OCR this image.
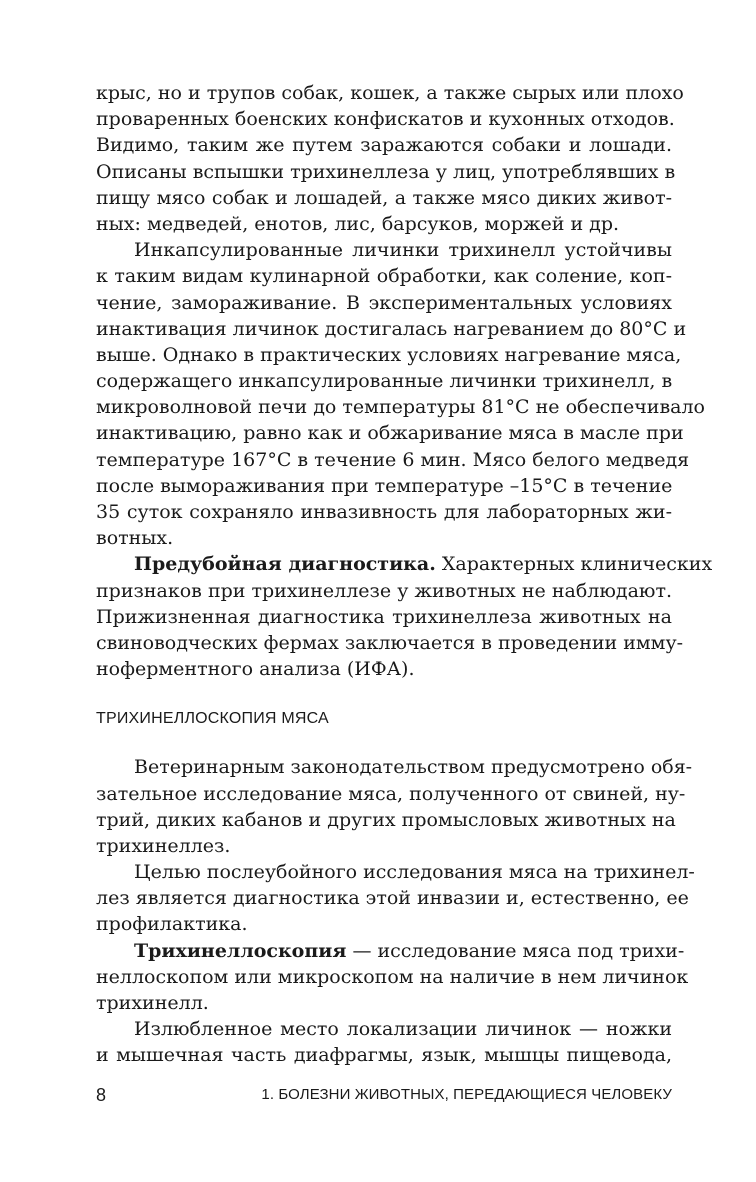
крыс, но и трупов собак, кошек, а также сырых или плохо
проваренных боенских конфискатов и кухонных отходов.
Видимо, таким же путем заражаются собаки и лошади.
Описаны вспышки трихинеллеза у лиц, употреблявших в
пищу мясо собак и лошадей, а также мясо диких живот-
ных: медведей, енотов, лис, барсуков, моржей и др.
Инкапсулированные личинки трихинелл устойчивы
к таким видам кулинарной обработки, как соление, коп-
чение, замораживание. В экспериментальных условиях
инактивация личинок достигалась нагреванием до 80°С и
выше. Однако в практических условиях нагревание мяса,
содержащего инкапсулированные личинки трихинелл, в
микроволновой печи до температуры 81°С не обеспечивало
инактивацию, равно как и обжаривание мяса в масле при
температуре 167°С в течение 6 мин. Мясо белого медведя
после вымораживания при температуре –15°С в течение
35 суток сохраняло инвазивность для лабораторных жи-
вотных.
Предубойная диагностика. Характерных клинических
признаков при трихинеллезе у животных не наблюдают.
Прижизненная диагностика трихинеллеза животных на
свиноводческих фермах заключается в проведении имму-
ноферментного анализа (ИФА).
ТРИХИНЕЛЛОСКОПИЯ МЯСА
Ветеринарным законодательством предусмотрено обя-
зательное исследование мяса, полученного от свиней, ну-
трий, диких кабанов и других промысловых животных на
трихинеллез.
Целью послеубойного исследования мяса на трихинел-
лез является диагностика этой инвазии и, естественно, ее
профилактика.
Трихинеллоскопия — исследование мяса под трихи-
неллоскопом или микроскопом на наличие в нем личинок
трихинелл.
Излюбленное место локализации личинок — ножки
и мышечная часть диафрагмы, язык, мышцы пищевода,
8	1. БОЛЕЗНИ ЖИВОТНЫХ, ПЕРЕДАЮЩИЕСЯ ЧЕЛОВЕКУ
